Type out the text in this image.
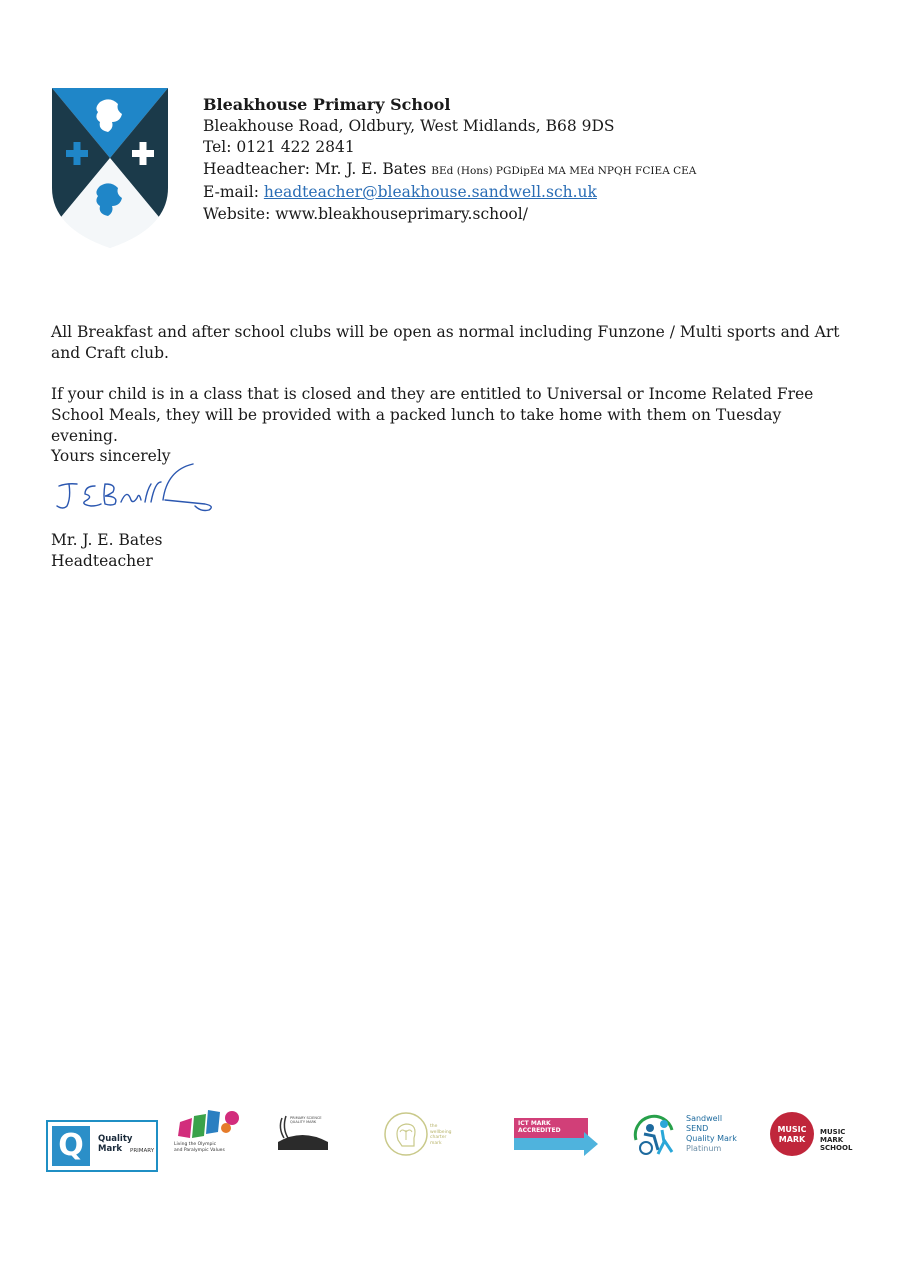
Bleakhouse Primary School
Bleakhouse Road, Oldbury, West Midlands, B68 9DS
Tel: 0121 422 2841
Headteacher: Mr. J. E. Bates BEd (Hons) PGDipEd MA MEd NPQH FCIEA CEA
E-mail: headteacher@bleakhouse.sandwell.sch.uk
Website: www.bleakhouseprimary.school/

All Breakfast and after school clubs will be open as normal including Funzone / Multi sports and Art and Craft club.

If your child is in a class that is closed and they are entitled to Universal or Income Related Free School Meals, they will be provided with a packed lunch to take home with them on Tuesday evening.

Yours sincerely
Mr. J. E. Bates
Headteacher
Q	Quality Mark	PRIMARY
Living the Olympic
and Paralympic Values
PRIMARY SCIENCE
QUALITY MARK
the
wellbeing
charter
mark
ICT MARK
ACCREDITED
Sandwell
SEND
Quality Mark
Platinum
MUSIC
MARK
MUSIC MARK
SCHOOL
